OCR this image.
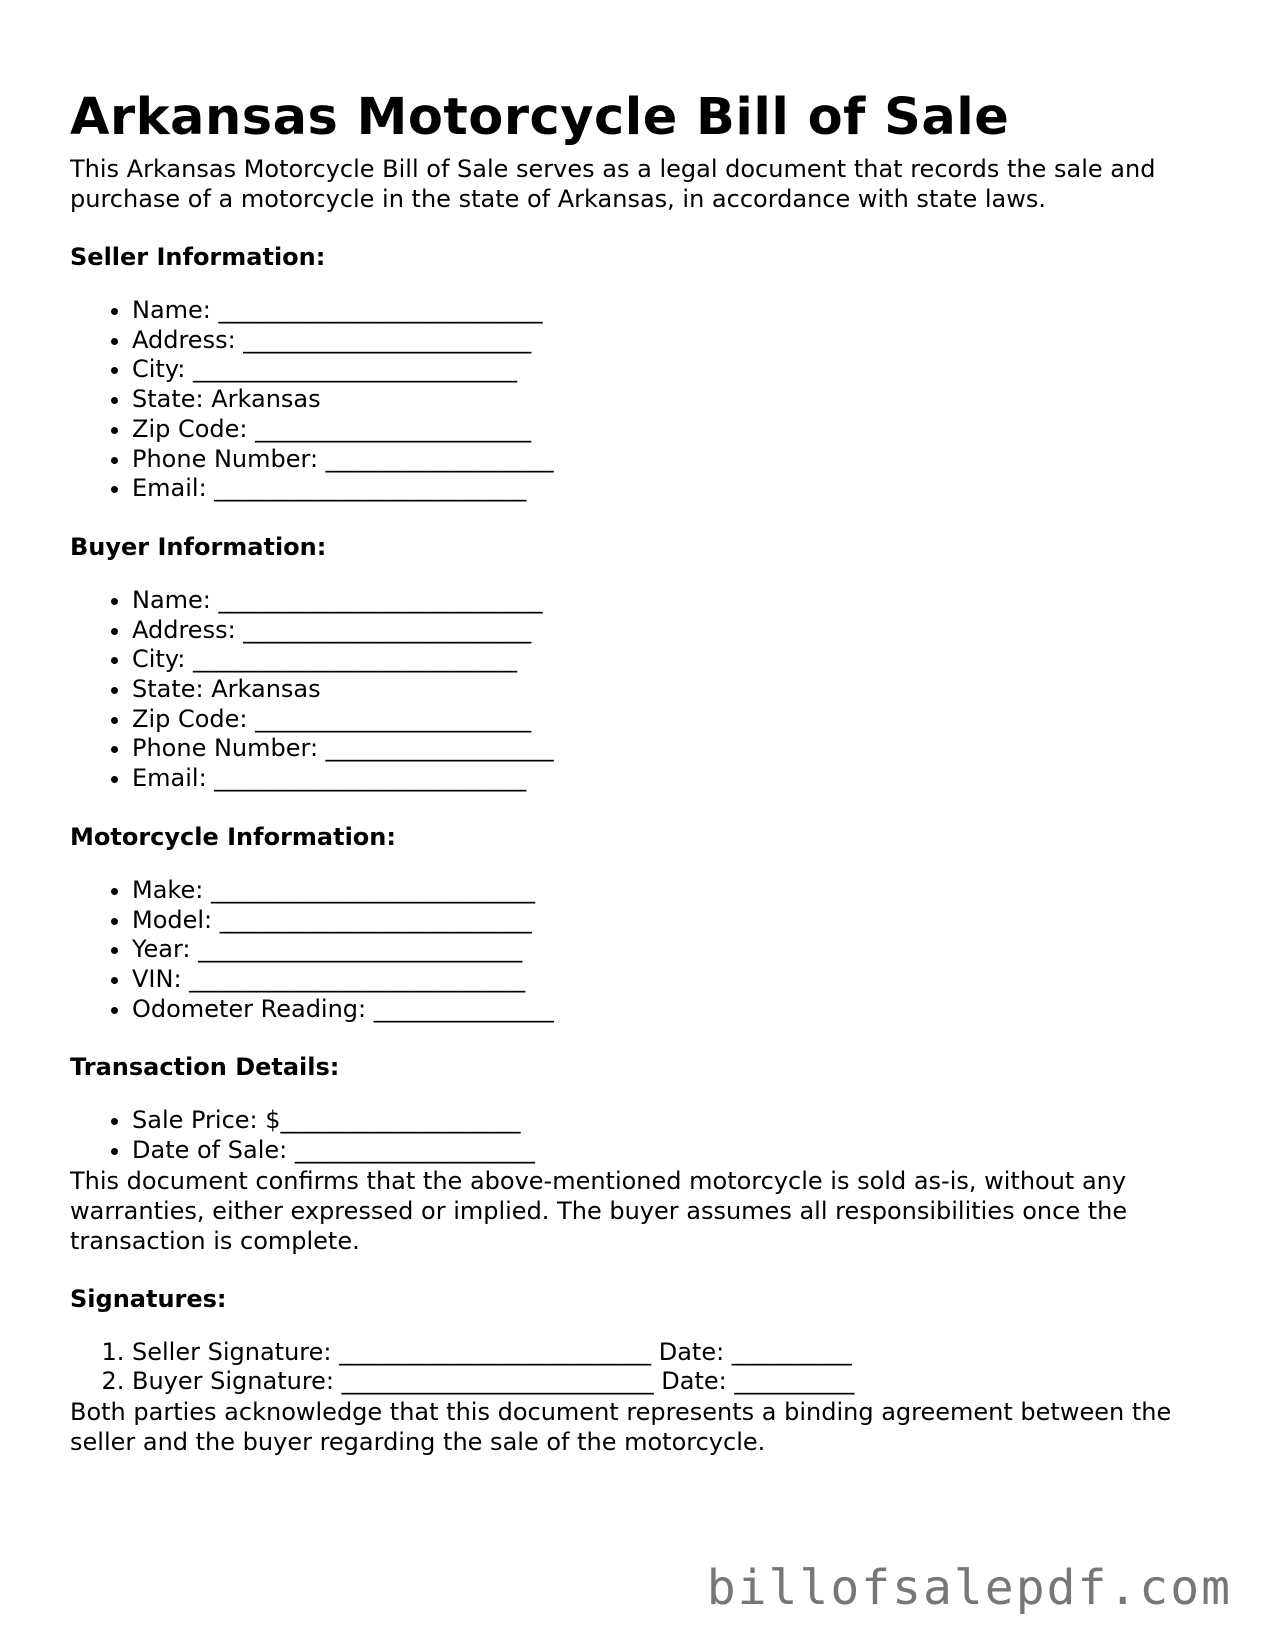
Arkansas Motorcycle Bill of Sale

This Arkansas Motorcycle Bill of Sale serves as a legal document that records the sale and purchase of a motorcycle in the state of Arkansas, in accordance with state laws.

Seller Information:
• Name: ___________________________
• Address: ________________________
• City: ___________________________
• State: Arkansas
• Zip Code: _______________________
• Phone Number: ___________________
• Email: __________________________
Buyer Information:
• Name: ___________________________
• Address: ________________________
• City: ___________________________
• State: Arkansas
• Zip Code: _______________________
• Phone Number: ___________________
• Email: __________________________
Motorcycle Information:
• Make: ___________________________
• Model: __________________________
• Year: ___________________________
• VIN: ____________________________
• Odometer Reading: _______________
Transaction Details:
• Sale Price: $____________________
• Date of Sale: ____________________

This document confirms that the above-mentioned motorcycle is sold as-is, without any warranties, either expressed or implied. The buyer assumes all responsibilities once the transaction is complete.

Signatures:
1. Seller Signature: __________________________ Date: __________
2. Buyer Signature: __________________________ Date: __________

Both parties acknowledge that this document represents a binding agreement between the seller and the buyer regarding the sale of the motorcycle.

billofsalepdf.com
